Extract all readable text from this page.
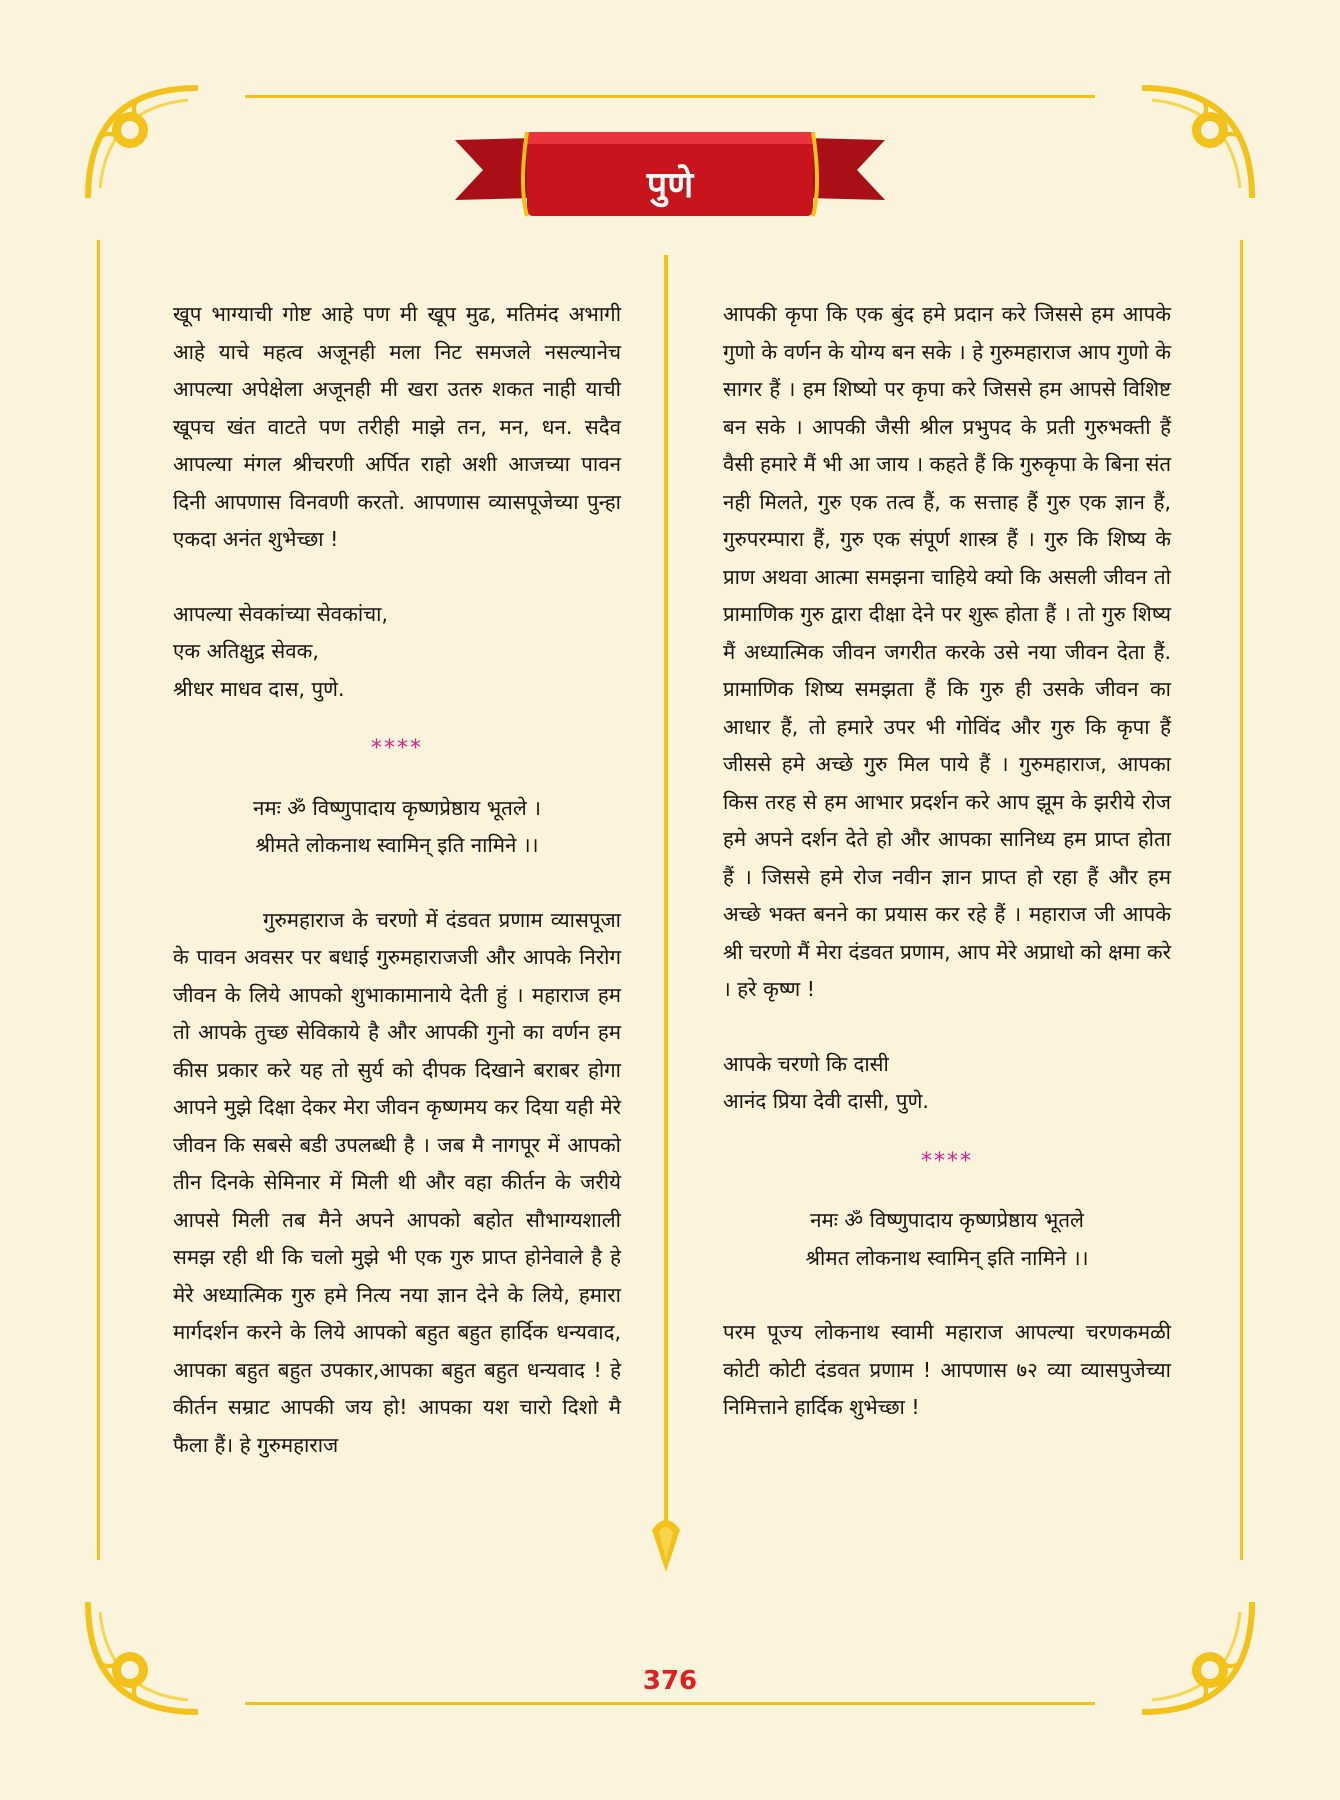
पुणे

खूप भाग्याची गोष्ट आहे पण मी खूप मुढ, मतिमंद अभागी आहे याचे महत्व अजूनही मला निट समजले नसल्यानेच आपल्या अपेक्षेला अजूनही मी खरा उतरु शकत नाही याची खूपच खंत वाटते पण तरीही माझे तन, मन, धन. सदैव आपल्या मंगल श्रीचरणी अर्पित राहो अशी आजच्या पावन दिनी आपणास विनवणी करतो. आपणास व्यासपूजेच्या पुन्हा एकदा अनंत शुभेच्छा !

आपल्या सेवकांच्या सेवकांचा,

एक अतिक्षुद्र सेवक,

श्रीधर माधव दास, पुणे.

****

नमः ॐ विष्णुपादाय कृष्णप्रेष्ठाय भूतले ।

श्रीमते लोकनाथ स्वामिन् इति नामिने ।।

गुरुमहाराज के चरणो में दंडवत प्रणाम व्यासपूजा के पावन अवसर पर बधाई गुरुमहाराजजी और आपके निरोग जीवन के लिये आपको शुभाकामानाये देती हुं । महाराज हम तो आपके तुच्छ सेविकाये है और आपकी गुनो का वर्णन हम कीस प्रकार करे यह तो सुर्य को दीपक दिखाने बराबर होगा आपने मुझे दिक्षा देकर मेरा जीवन कृष्णमय कर दिया यही मेरे जीवन कि सबसे बडी उपलब्धी है । जब मै नागपूर में आपको तीन दिनके सेमिनार में मिली थी और वहा कीर्तन के जरीये आपसे मिली तब मैने अपने आपको बहोत सौभाग्यशाली समझ रही थी कि चलो मुझे भी एक गुरु प्राप्त होनेवाले है हे मेरे अध्यात्मिक गुरु हमे नित्य नया ज्ञान देने के लिये, हमारा मार्गदर्शन करने के लिये आपको बहुत बहुत हार्दिक धन्यवाद, आपका बहुत बहुत उपकार,आपका बहुत बहुत धन्यवाद ! हे कीर्तन सम्राट आपकी जय हो! आपका यश चारो दिशो मै फैला हैं। हे गुरुमहाराज

आपकी कृपा कि एक बुंद हमे प्रदान करे जिससे हम आपके गुणो के वर्णन के योग्य बन सके । हे गुरुमहाराज आप गुणो के सागर हैं । हम शिष्यो पर कृपा करे जिससे हम आपसे विशिष्ट बन सके । आपकी जैसी श्रील प्रभुपद के प्रती गुरुभक्ती हैं वैसी हमारे मैं भी आ जाय । कहते हैं कि गुरुकृपा के बिना संत नही मिलते, गुरु एक तत्व हैं, क सत्ताह हैं गुरु एक ज्ञान हैं, गुरुपरम्पारा हैं, गुरु एक संपूर्ण शास्त्र हैं । गुरु कि शिष्य के प्राण अथवा आत्मा समझना चाहिये क्यो कि असली जीवन तो प्रामाणिक गुरु द्वारा दीक्षा देने पर शुरू होता हैं । तो गुरु शिष्य मैं अध्यात्मिक जीवन जगरीत करके उसे नया जीवन देता हैं. प्रामाणिक शिष्य समझता हैं कि गुरु ही उसके जीवन का आधार हैं, तो हमारे उपर भी गोविंद और गुरु कि कृपा हैं जीससे हमे अच्छे गुरु मिल पाये हैं । गुरुमहाराज, आपका किस तरह से हम आभार प्रदर्शन करे आप झूम के झरीये रोज हमे अपने दर्शन देते हो और आपका सानिध्य हम प्राप्त होता हैं । जिससे हमे रोज नवीन ज्ञान प्राप्त हो रहा हैं और हम अच्छे भक्त बनने का प्रयास कर रहे हैं । महाराज जी आपके श्री चरणो मैं मेरा दंडवत प्रणाम, आप मेरे अप्राधो को क्षमा करे । हरे कृष्ण !

आपके चरणो कि दासी

आनंद प्रिया देवी दासी, पुणे.

****

नमः ॐ विष्णुपादाय कृष्णप्रेष्ठाय भूतले

श्रीमत लोकनाथ स्वामिन् इति नामिने ।।

परम पूज्य लोकनाथ स्वामी महाराज आपल्या चरणकमळी कोटी कोटी दंडवत प्रणाम ! आपणास ७२ व्या व्यासपुजेच्या निमित्ताने हार्दिक शुभेच्छा !

376
